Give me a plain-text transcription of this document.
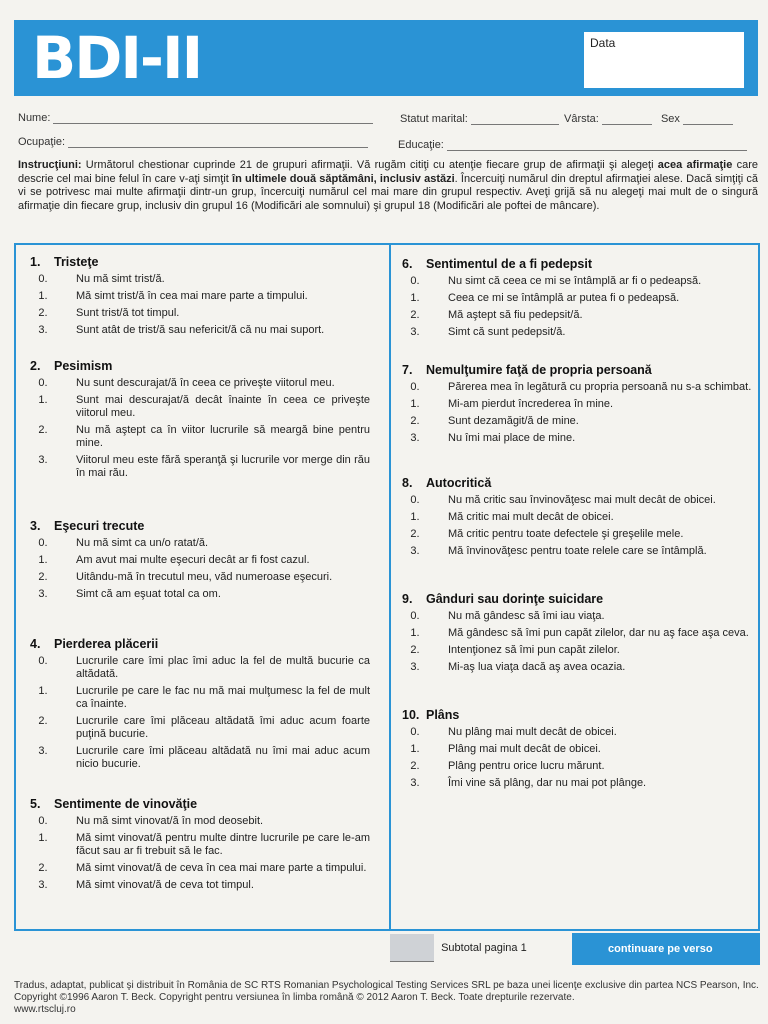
BDI-II	Data
Nume:	Statut marital:	Vârsta:	Sex
Ocupaţie:	Educaţie:
Instrucţiuni: Următorul chestionar cuprinde 21 de grupuri afirmaţii. Vă rugăm citiţi cu atenţie fiecare grup de afirmaţii şi alegeţi acea afirmaţie care descrie cel mai bine felul în care v-aţi simţit în ultimele două săptămâni, inclusiv astăzi. Încercuiţi numărul din dreptul afirmaţiei alese. Dacă simţiţi că vi se potrivesc mai multe afirmaţii dintr-un grup, încercuiţi numărul cel mai mare din grupul respectiv. Aveţi grijă să nu alegeţi mai mult de o singură afirmaţie din fiecare grup, inclusiv din grupul 16 (Modificări ale somnului) şi grupul 18 (Modificări ale poftei de mâncare).
1. Tristeţe
0.	Nu mă simt trist/ă.
1.	Mă simt trist/ă în cea mai mare parte a timpului.
2.	Sunt trist/ă tot timpul.
3.	Sunt atât de trist/ă sau nefericit/ă că nu mai suport.
2. Pesimism
0.	Nu sunt descurajat/ă în ceea ce priveşte viitorul meu.
1.	Sunt mai descurajat/ă decât înainte în ceea ce priveşte viitorul meu.
2.	Nu mă aştept ca în viitor lucrurile să meargă bine pentru mine.
3.	Viitorul meu este fără speranţă şi lucrurile vor merge din rău în mai rău.
3. Eşecuri trecute
0.	Nu mă simt ca un/o ratat/ă.
1.	Am avut mai multe eşecuri decât ar fi fost cazul.
2.	Uitându-mă în trecutul meu, văd numeroase eşecuri.
3.	Simt că am eşuat total ca om.
4. Pierderea plăcerii
0.	Lucrurile care îmi plac îmi aduc la fel de multă bucurie ca altădată.
1.	Lucrurile pe care le fac nu mă mai mulţumesc la fel de mult ca înainte.
2.	Lucrurile care îmi plăceau altădată îmi aduc acum foarte puţină bucurie.
3.	Lucrurile care îmi plăceau altădată nu îmi mai aduc acum nicio bucurie.
5. Sentimente de vinovăţie
0.	Nu mă simt vinovat/ă în mod deosebit.
1.	Mă simt vinovat/ă pentru multe dintre lucrurile pe care le-am făcut sau ar fi trebuit să le fac.
2.	Mă simt vinovat/ă de ceva în cea mai mare parte a timpului.
3.	Mă simt vinovat/ă de ceva tot timpul.
6. Sentimentul de a fi pedepsit
0.	Nu simt că ceea ce mi se întâmplă ar fi o pedeapsă.
1.	Ceea ce mi se întâmplă ar putea fi o pedeapsă.
2.	Mă aştept să fiu pedepsit/ă.
3.	Simt că sunt pedepsit/ă.
7. Nemulţumire faţă de propria persoană
0.	Părerea mea în legătură cu propria persoană nu s-a schimbat.
1.	Mi-am pierdut încrederea în mine.
2.	Sunt dezamăgit/ă de mine.
3.	Nu îmi mai place de mine.
8. Autocritică
0.	Nu mă critic sau învinovăţesc mai mult decât de obicei.
1.	Mă critic mai mult decât de obicei.
2.	Mă critic pentru toate defectele şi greşelile mele.
3.	Mă învinovăţesc pentru toate relele care se întâmplă.
9. Gânduri sau dorinţe suicidare
0.	Nu mă gândesc să îmi iau viaţa.
1.	Mă gândesc să îmi pun capăt zilelor, dar nu aş face aşa ceva.
2.	Intenţionez să îmi pun capăt zilelor.
3.	Mi-aş lua viaţa dacă aş avea ocazia.
10. Plâns
0.	Nu plâng mai mult decât de obicei.
1.	Plâng mai mult decât de obicei.
2.	Plâng pentru orice lucru mărunt.
3.	Îmi vine să plâng, dar nu mai pot plânge.
Subtotal pagina 1	continuare pe verso
Tradus, adaptat, publicat şi distribuit în România de SC RTS Romanian Psychological Testing Services SRL pe baza unei licenţe exclusive din partea NCS Pearson, Inc.
Copyright ©1996 Aaron T. Beck. Copyright pentru versiunea în limba română © 2012 Aaron T. Beck. Toate drepturile rezervate.
www.rtscluj.ro
